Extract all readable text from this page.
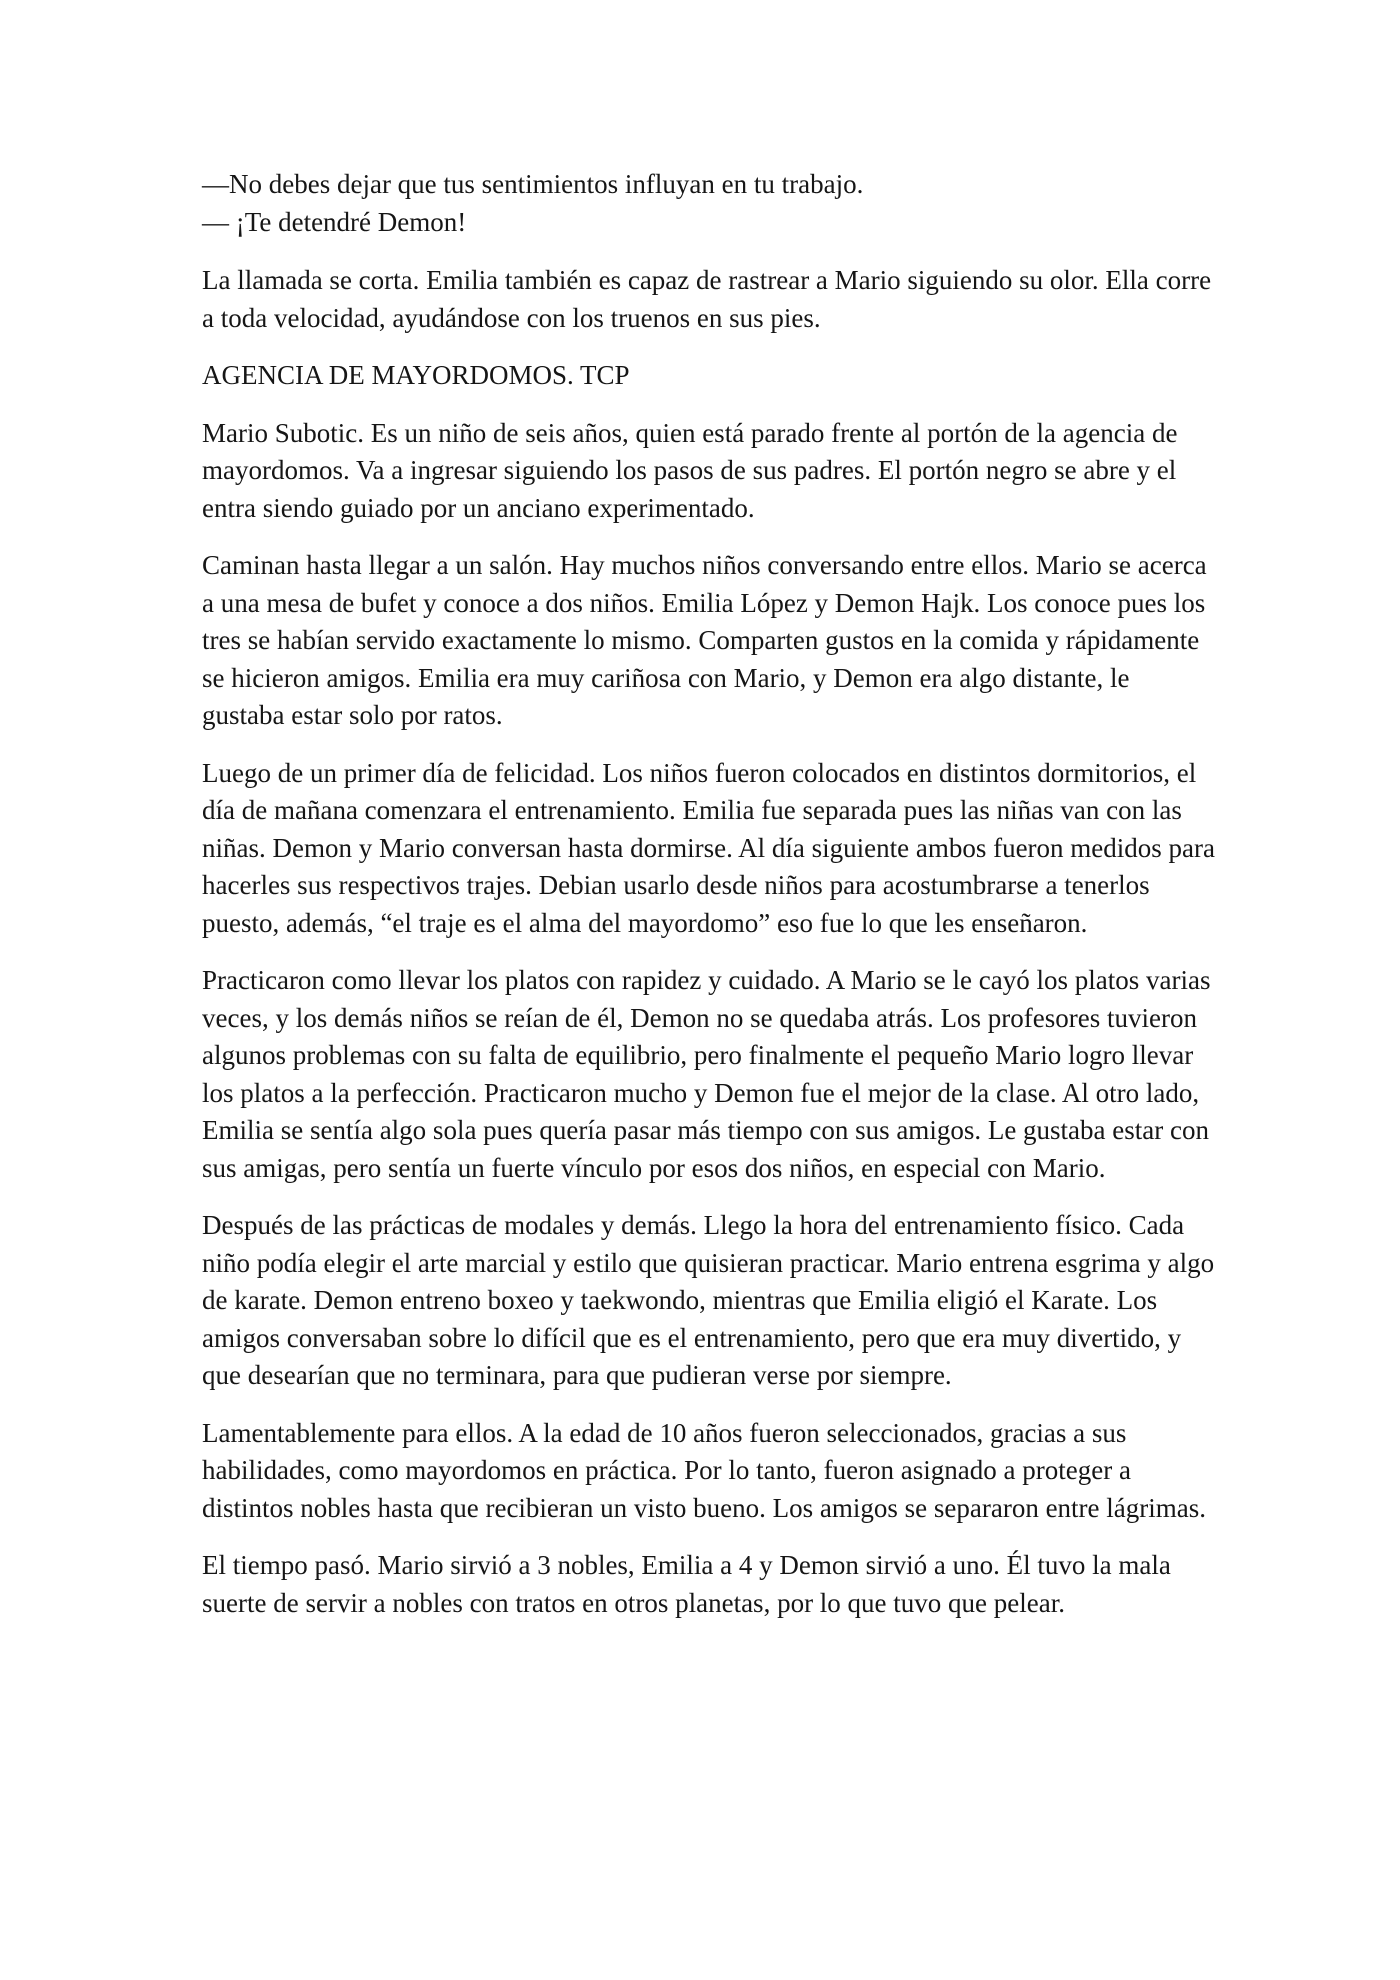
—No debes dejar que tus sentimientos influyan en tu trabajo.

— ¡Te detendré Demon!

La llamada se corta. Emilia también es capaz de rastrear a Mario siguiendo su olor. Ella corre a toda velocidad, ayudándose con los truenos en sus pies.

AGENCIA DE MAYORDOMOS. TCP

Mario Subotic. Es un niño de seis años, quien está parado frente al portón de la agencia de mayordomos. Va a ingresar siguiendo los pasos de sus padres. El portón negro se abre y el entra siendo guiado por un anciano experimentado.

Caminan hasta llegar a un salón. Hay muchos niños conversando entre ellos. Mario se acerca a una mesa de bufet y conoce a dos niños. Emilia López y Demon Hajk. Los conoce pues los tres se habían servido exactamente lo mismo. Comparten gustos en la comida y rápidamente se hicieron amigos. Emilia era muy cariñosa con Mario, y Demon era algo distante, le gustaba estar solo por ratos.

Luego de un primer día de felicidad. Los niños fueron colocados en distintos dormitorios, el día de mañana comenzara el entrenamiento. Emilia fue separada pues las niñas van con las niñas. Demon y Mario conversan hasta dormirse. Al día siguiente ambos fueron medidos para hacerles sus respectivos trajes. Debian usarlo desde niños para acostumbrarse a tenerlos puesto, además, “el traje es el alma del mayordomo” eso fue lo que les enseñaron.

Practicaron como llevar los platos con rapidez y cuidado. A Mario se le cayó los platos varias veces, y los demás niños se reían de él, Demon no se quedaba atrás. Los profesores tuvieron algunos problemas con su falta de equilibrio, pero finalmente el pequeño Mario logro llevar los platos a la perfección. Practicaron mucho y Demon fue el mejor de la clase. Al otro lado, Emilia se sentía algo sola pues quería pasar más tiempo con sus amigos. Le gustaba estar con sus amigas, pero sentía un fuerte vínculo por esos dos niños, en especial con Mario.

Después de las prácticas de modales y demás. Llego la hora del entrenamiento físico. Cada niño podía elegir el arte marcial y estilo que quisieran practicar. Mario entrena esgrima y algo de karate. Demon entreno boxeo y taekwondo, mientras que Emilia eligió el Karate. Los amigos conversaban sobre lo difícil que es el entrenamiento, pero que era muy divertido, y que desearían que no terminara, para que pudieran verse por siempre.

Lamentablemente para ellos. A la edad de 10 años fueron seleccionados, gracias a sus habilidades, como mayordomos en práctica. Por lo tanto, fueron asignado a proteger a distintos nobles hasta que recibieran un visto bueno. Los amigos se separaron entre lágrimas.

El tiempo pasó. Mario sirvió a 3 nobles, Emilia a 4 y Demon sirvió a uno. Él tuvo la mala suerte de servir a nobles con tratos en otros planetas, por lo que tuvo que pelear.
